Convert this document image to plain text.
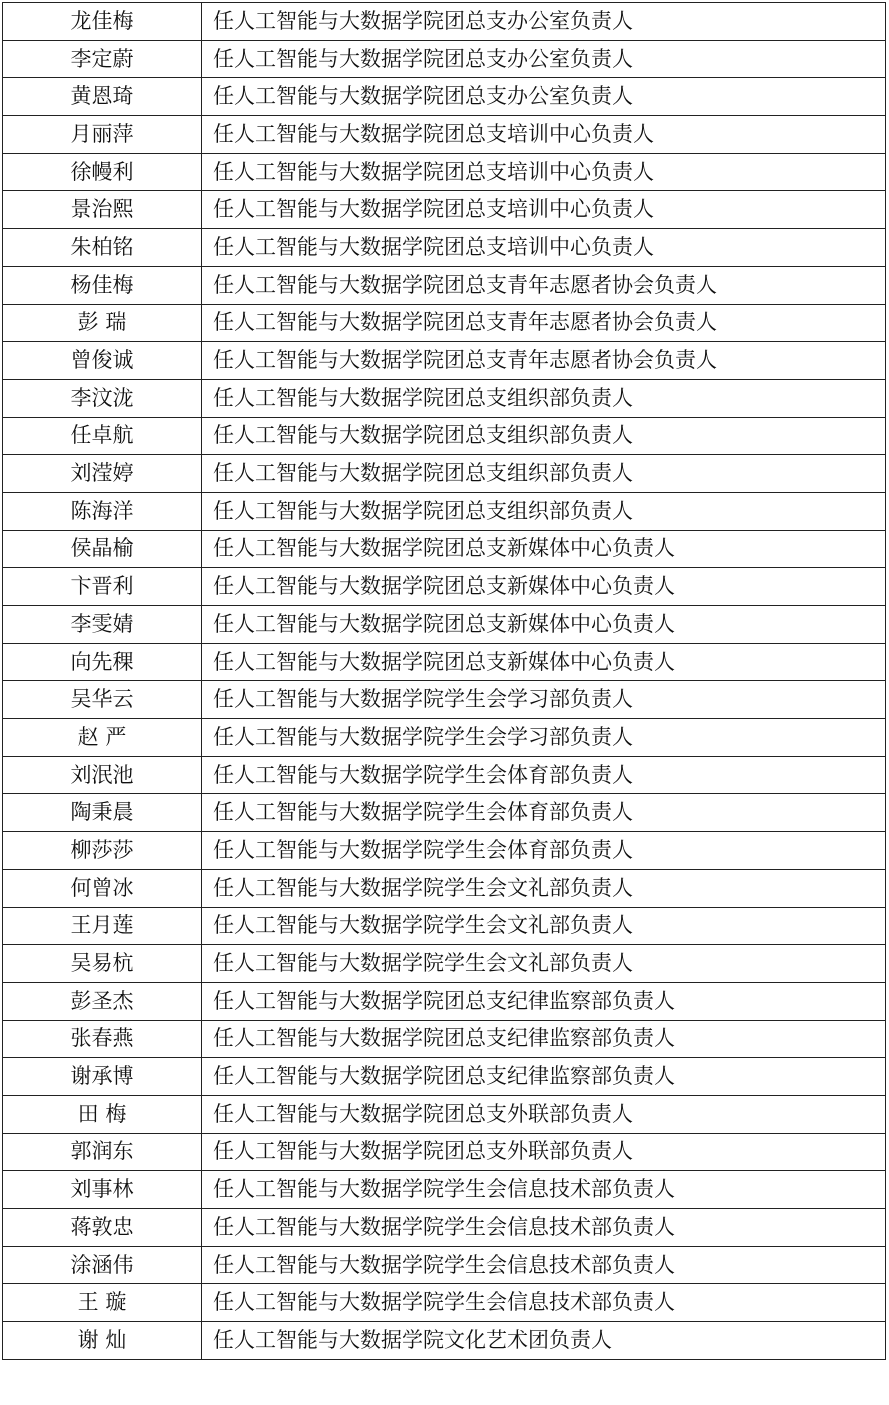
龙佳梅	任人工智能与大数据学院团总支办公室负责人
李定蔚	任人工智能与大数据学院团总支办公室负责人
黄恩琦	任人工智能与大数据学院团总支办公室负责人
月丽萍	任人工智能与大数据学院团总支培训中心负责人
徐幔利	任人工智能与大数据学院团总支培训中心负责人
景治熙	任人工智能与大数据学院团总支培训中心负责人
朱柏铭	任人工智能与大数据学院团总支培训中心负责人
杨佳梅	任人工智能与大数据学院团总支青年志愿者协会负责人
彭 瑞	任人工智能与大数据学院团总支青年志愿者协会负责人
曾俊诚	任人工智能与大数据学院团总支青年志愿者协会负责人
李汶泷	任人工智能与大数据学院团总支组织部负责人
任卓航	任人工智能与大数据学院团总支组织部负责人
刘滢婷	任人工智能与大数据学院团总支组织部负责人
陈海洋	任人工智能与大数据学院团总支组织部负责人
侯晶榆	任人工智能与大数据学院团总支新媒体中心负责人
卞晋利	任人工智能与大数据学院团总支新媒体中心负责人
李雯婧	任人工智能与大数据学院团总支新媒体中心负责人
向先稞	任人工智能与大数据学院团总支新媒体中心负责人
吴华云	任人工智能与大数据学院学生会学习部负责人
赵 严	任人工智能与大数据学院学生会学习部负责人
刘泯池	任人工智能与大数据学院学生会体育部负责人
陶秉晨	任人工智能与大数据学院学生会体育部负责人
柳莎莎	任人工智能与大数据学院学生会体育部负责人
何曾冰	任人工智能与大数据学院学生会文礼部负责人
王月莲	任人工智能与大数据学院学生会文礼部负责人
吴易杭	任人工智能与大数据学院学生会文礼部负责人
彭圣杰	任人工智能与大数据学院团总支纪律监察部负责人
张春燕	任人工智能与大数据学院团总支纪律监察部负责人
谢承博	任人工智能与大数据学院团总支纪律监察部负责人
田 梅	任人工智能与大数据学院团总支外联部负责人
郭润东	任人工智能与大数据学院团总支外联部负责人
刘事林	任人工智能与大数据学院学生会信息技术部负责人
蒋敦忠	任人工智能与大数据学院学生会信息技术部负责人
涂涵伟	任人工智能与大数据学院学生会信息技术部负责人
王 璇	任人工智能与大数据学院学生会信息技术部负责人
谢 灿	任人工智能与大数据学院文化艺术团负责人
